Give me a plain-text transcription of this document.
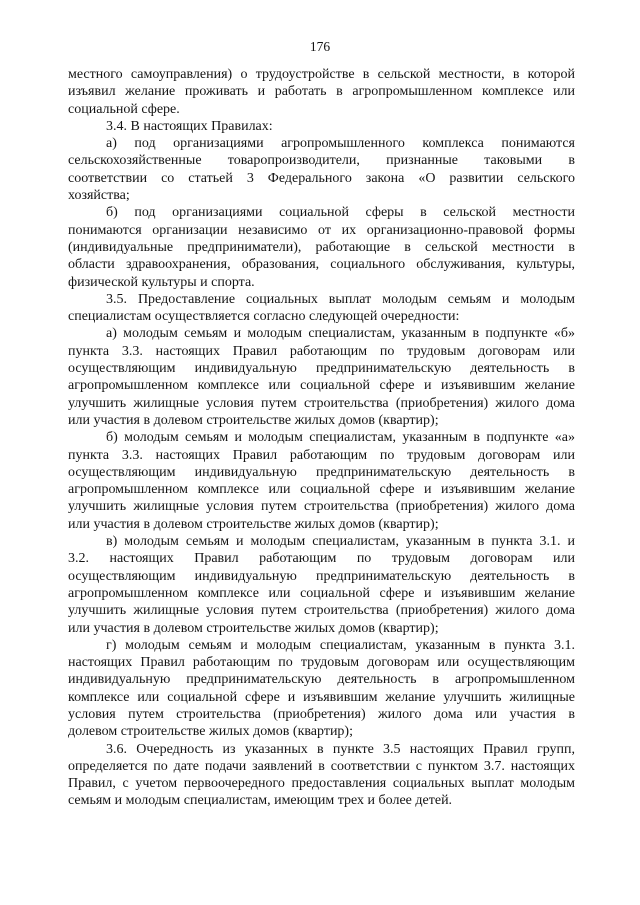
176
местного самоуправления) о трудоустройстве в сельской местности, в которой
изъявил желание проживать и работать в агропромышленном комплексе или
социальной сфере.
3.4. В настоящих Правилах:
а) под организациями агропромышленного комплекса понимаются
сельскохозяйственные товаропроизводители, признанные таковыми в
соответствии со статьей 3 Федерального закона «О развитии сельского
хозяйства;
б) под организациями социальной сферы в сельской местности
понимаются организации независимо от их организационно-правовой формы
(индивидуальные предприниматели), работающие в сельской местности в
области здравоохранения, образования, социального обслуживания, культуры,
физической культуры и спорта.
3.5. Предоставление социальных выплат молодым семьям и молодым
специалистам осуществляется согласно следующей очередности:
а) молодым семьям и молодым специалистам, указанным в подпункте «б»
пункта 3.3. настоящих Правил работающим по трудовым договорам или
осуществляющим индивидуальную предпринимательскую деятельность в
агропромышленном комплексе или социальной сфере и изъявившим желание
улучшить жилищные условия путем строительства (приобретения) жилого дома
или участия в долевом строительстве жилых домов (квартир);
б) молодым семьям и молодым специалистам, указанным в подпункте «а»
пункта 3.3. настоящих Правил работающим по трудовым договорам или
осуществляющим индивидуальную предпринимательскую деятельность в
агропромышленном комплексе или социальной сфере и изъявившим желание
улучшить жилищные условия путем строительства (приобретения) жилого дома
или участия в долевом строительстве жилых домов (квартир);
в) молодым семьям и молодым специалистам, указанным в пункта 3.1. и
3.2. настоящих Правил работающим по трудовым договорам или
осуществляющим индивидуальную предпринимательскую деятельность в
агропромышленном комплексе или социальной сфере и изъявившим желание
улучшить жилищные условия путем строительства (приобретения) жилого дома
или участия в долевом строительстве жилых домов (квартир);
г) молодым семьям и молодым специалистам, указанным в пункта 3.1.
настоящих Правил работающим по трудовым договорам или осуществляющим
индивидуальную предпринимательскую деятельность в агропромышленном
комплексе или социальной сфере и изъявившим желание улучшить жилищные
условия путем строительства (приобретения) жилого дома или участия в
долевом строительстве жилых домов (квартир);
3.6. Очередность из указанных в пункте 3.5 настоящих Правил групп,
определяется по дате подачи заявлений в соответствии с пунктом 3.7. настоящих
Правил, с учетом первоочередного предоставления социальных выплат молодым
семьям и молодым специалистам, имеющим трех и более детей.
